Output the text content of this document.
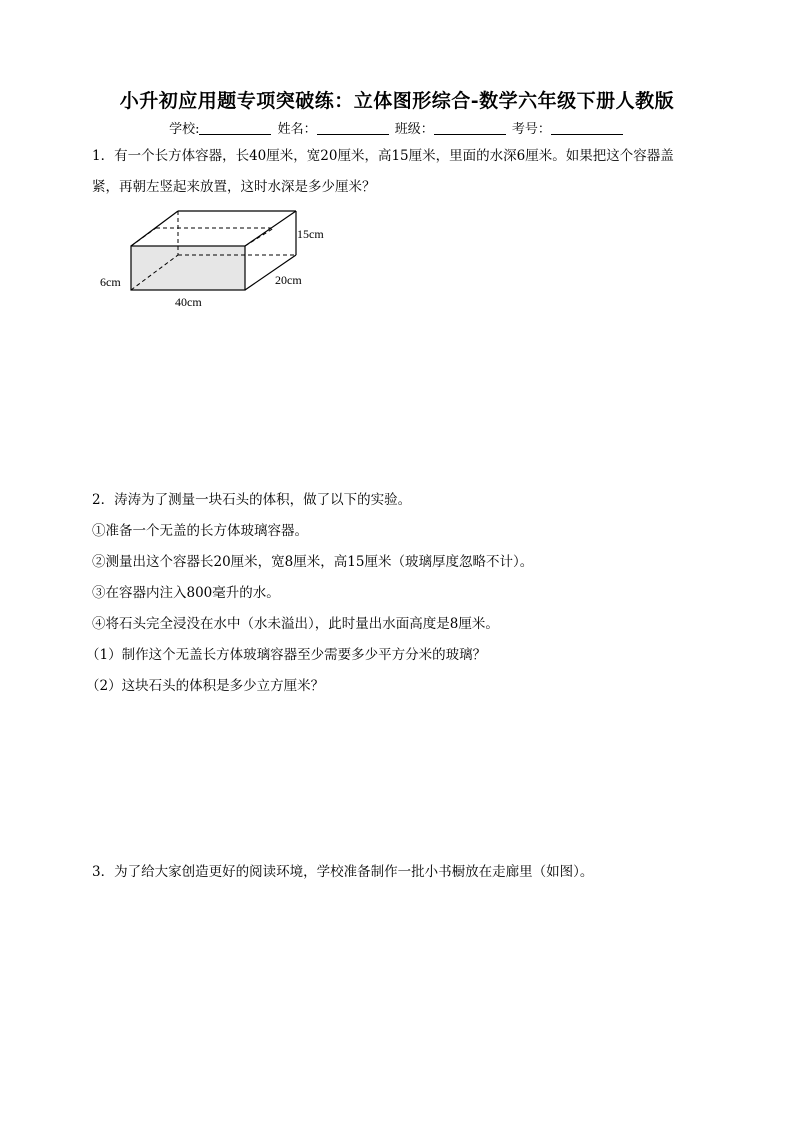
小升初应用题专项突破练：立体图形综合-数学六年级下册人教版
学校:	姓名：	班级：	考号：
1．有一个长方体容器，长40厘米，宽20厘米，高15厘米，里面的水深6厘米。如果把这个容器盖
紧，再朝左竖起来放置，这时水深是多少厘米？
15cm
20cm
6cm
40cm
2．涛涛为了测量一块石头的体积，做了以下的实验。
①准备一个无盖的长方体玻璃容器。
②测量出这个容器长20厘米，宽8厘米，高15厘米（玻璃厚度忽略不计）。
③在容器内注入800毫升的水。
④将石头完全浸没在水中（水未溢出），此时量出水面高度是8厘米。
（1）制作这个无盖长方体玻璃容器至少需要多少平方分米的玻璃？
（2）这块石头的体积是多少立方厘米？
3．为了给大家创造更好的阅读环境，学校准备制作一批小书橱放在走廊里（如图）。
